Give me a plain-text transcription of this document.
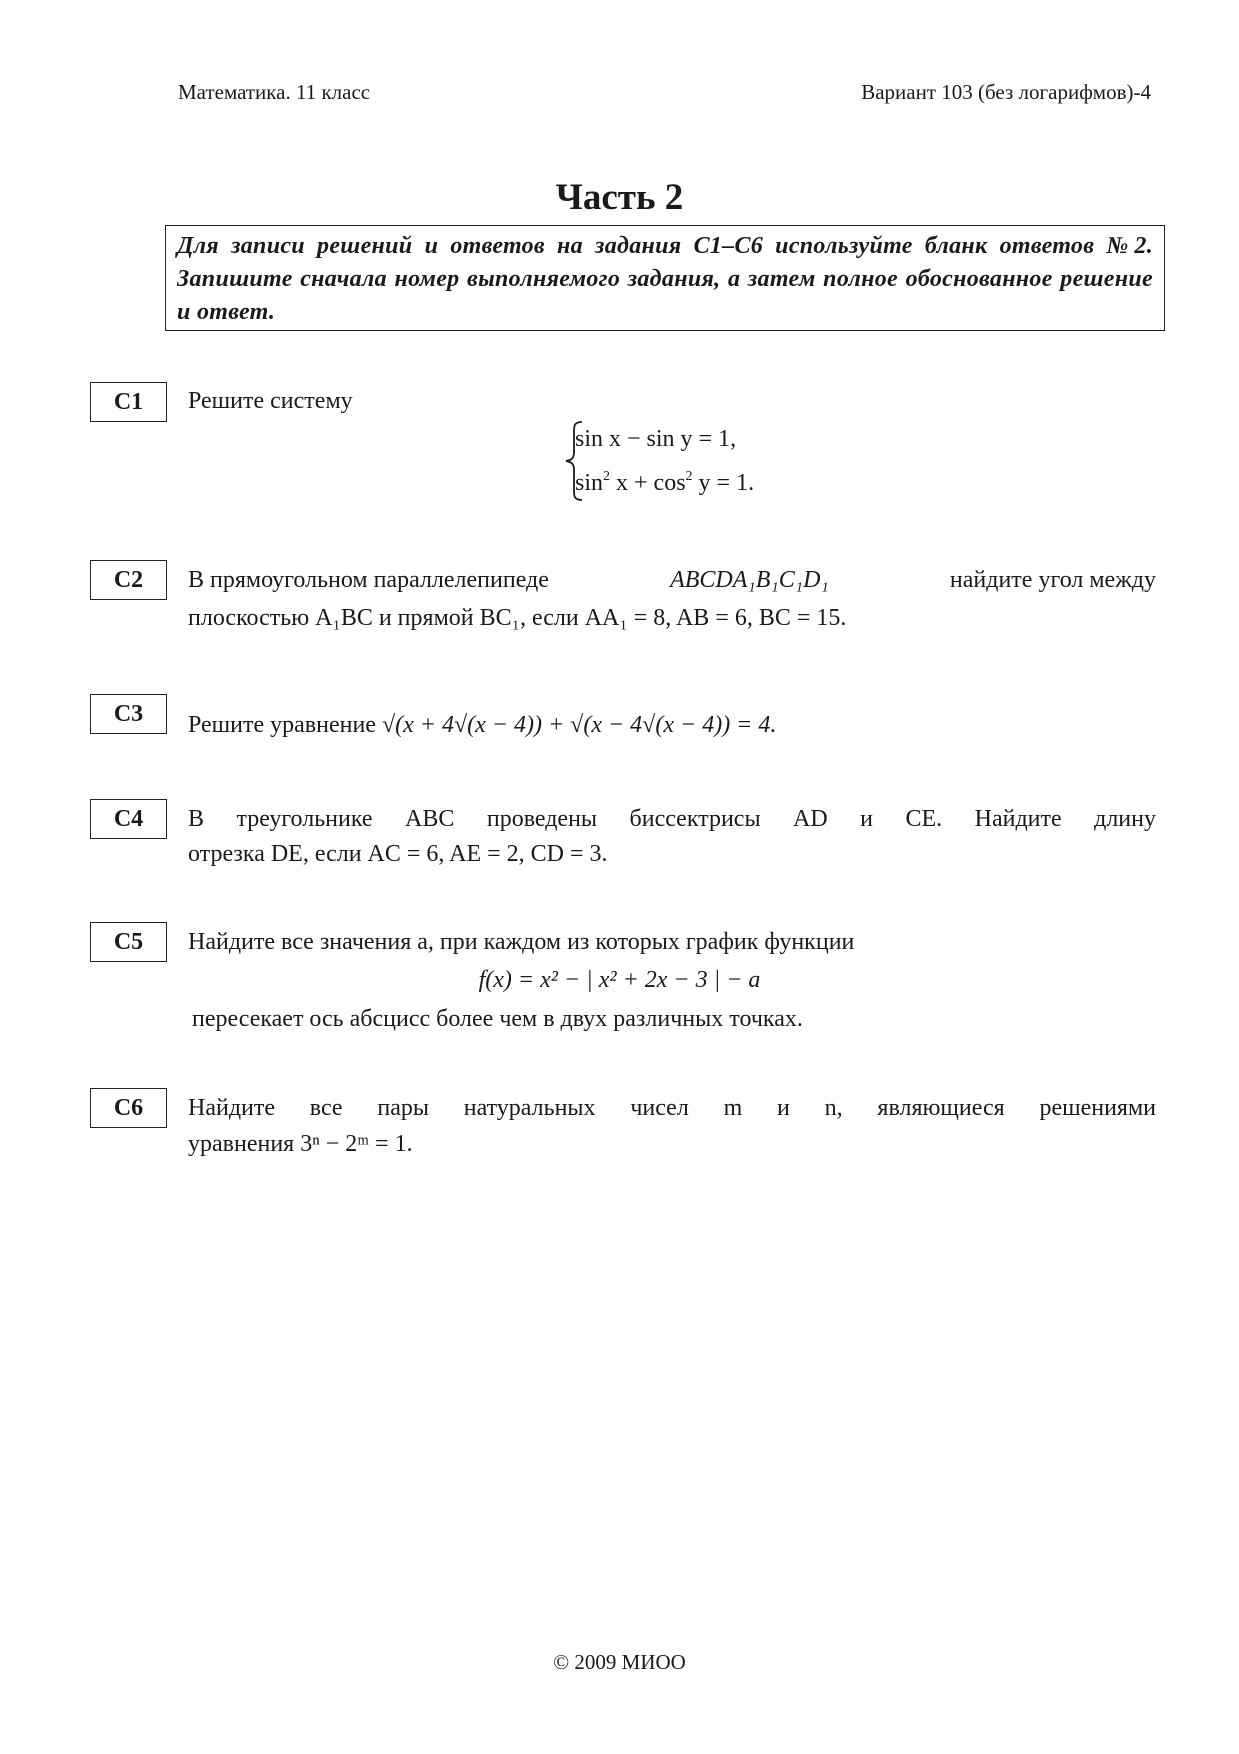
Математика. 11 класс	Вариант 103 (без логарифмов)-4
Часть 2
Для записи решений и ответов на задания С1–С6 используйте бланк ответов №2. Запишите сначала номер выполняемого задания, а затем полное обоснованное решение и ответ.
С1	Решите систему
sin x − sin y = 1,
$\sin^2 x + \cos^2 y = 1$.
С2	В прямоугольном параллелепипеде	ABCDA₁B₁C₁D₁	найдите угол между
плоскостью A₁BC и прямой BC₁, если AA₁ = 8, AB = 6, BC = 15.
С3	Решите уравнение √(x + 4√(x − 4)) + √(x − 4√(x − 4)) = 4.
С4	В треугольнике ABC проведены биссектрисы AD и CE. Найдите длину
отрезка DE, если AC = 6, AE = 2, CD = 3.
С5	Найдите все значения a, при каждом из которых график функции
f(x) = x² − | x² + 2x − 3 | − a
пересекает ось абсцисс более чем в двух различных точках.
С6	Найдите все пары натуральных чисел m и n, являющиеся решениями
уравнения 3ⁿ − 2ᵐ = 1.
© 2009 МИОО
